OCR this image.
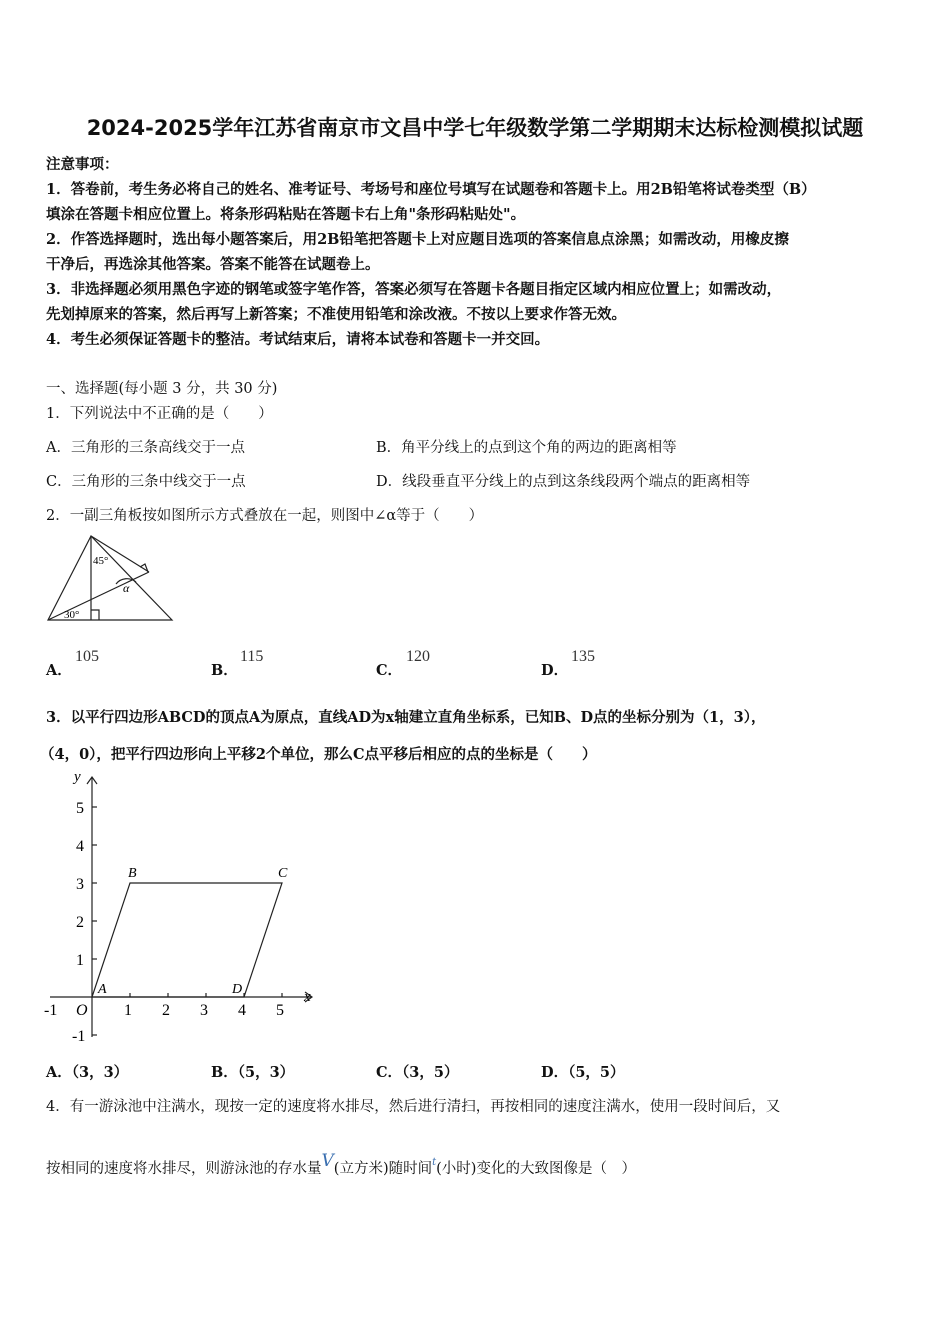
2024-2025学年江苏省南京市文昌中学七年级数学第二学期期末达标检测模拟试题
注意事项：
1．答卷前，考生务必将自己的姓名、准考证号、考场号和座位号填写在试题卷和答题卡上。用2B铅笔将试卷类型（B）
填涂在答题卡相应位置上。将条形码粘贴在答题卡右上角"条形码粘贴处"。
2．作答选择题时，选出每小题答案后，用2B铅笔把答题卡上对应题目选项的答案信息点涂黑；如需改动，用橡皮擦
干净后，再选涂其他答案。答案不能答在试题卷上。
3．非选择题必须用黑色字迹的钢笔或签字笔作答，答案必须写在答题卡各题目指定区域内相应位置上；如需改动，
先划掉原来的答案，然后再写上新答案；不准使用铅笔和涂改液。不按以上要求作答无效。
4．考生必须保证答题卡的整洁。考试结束后，请将本试卷和答题卡一并交回。
一、选择题(每小题 3 分，共 30 分)
1．下列说法中不正确的是（　　）
A．三角形的三条高线交于一点	B．角平分线上的点到这个角的两边的距离相等
C．三角形的三条中线交于一点	D．线段垂直平分线上的点到这条线段两个端点的距离相等
2．一副三角板按如图所示方式叠放在一起，则图中∠α等于（　　）
45°
30°
α
A．
105
B．
115
C．
120
D．
135
3．以平行四边形ABCD的顶点A为原点，直线AD为x轴建立直角坐标系，已知B、D点的坐标分别为（1，3），
（4，0），把平行四边形向上平移2个单位，那么C点平移后相应的点的坐标是（　　）
y
x
5
4
3
2
1
-1
-1	1 2 3 4 5
O
A
B	C
D
A．（3，3）	B．（5，3）	C．（3，5）	D．（5，5）
4．有一游泳池中注满水，现按一定的速度将水排尽，然后进行清扫，再按相同的速度注满水，使用一段时间后，又
按相同的速度将水排尽，则游泳池的存水量V(立方米)随时间$^t$(小时)变化的大致图像是（　）
